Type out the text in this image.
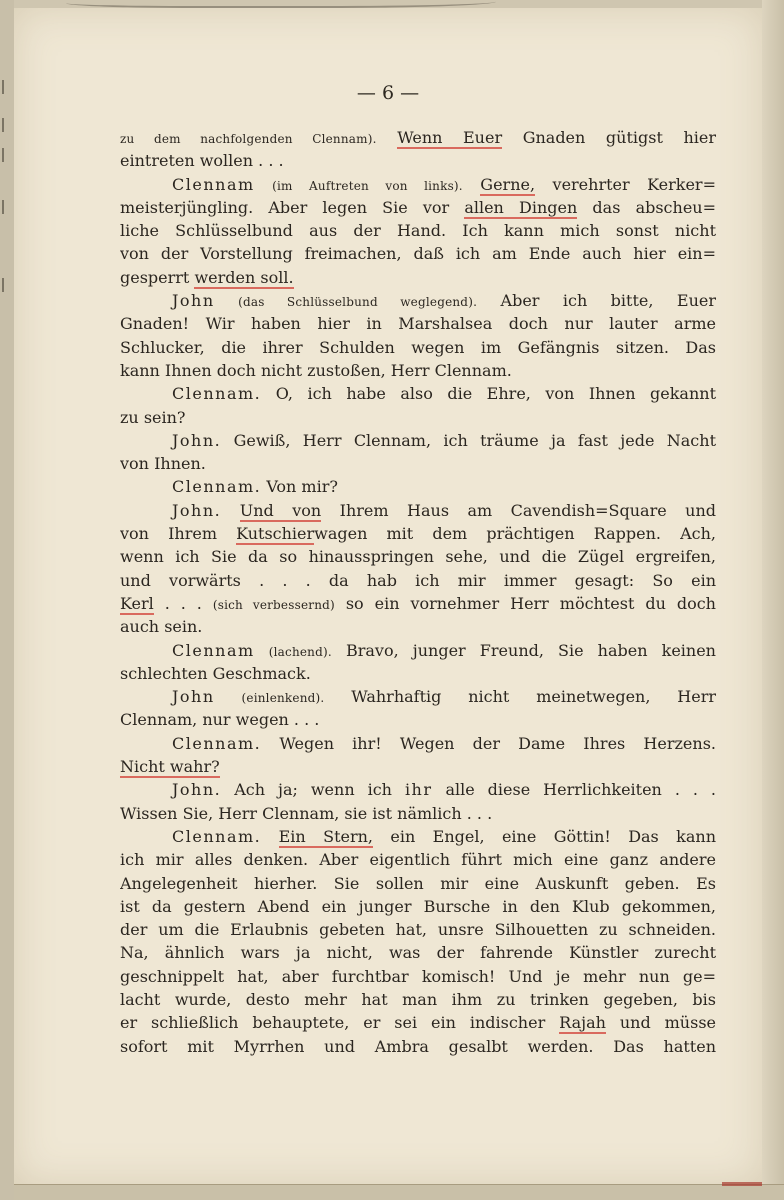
— 6 —
zu dem nachfolgenden Clennam). Wenn Euer Gnaden gütigst hier
eintreten wollen . . .
Clennam (im Auftreten von links). Gerne, verehrter Kerker=
meisterjüngling. Aber legen Sie vor allen Dingen das abscheu=
liche Schlüsselbund aus der Hand. Ich kann mich sonst nicht
von der Vorstellung freimachen, daß ich am Ende auch hier ein=
gesperrt werden soll.
John (das Schlüsselbund weglegend). Aber ich bitte, Euer
Gnaden! Wir haben hier in Marshalsea doch nur lauter arme
Schlucker, die ihrer Schulden wegen im Gefängnis sitzen. Das
kann Ihnen doch nicht zustoßen, Herr Clennam.
Clennam. O, ich habe also die Ehre, von Ihnen gekannt
zu sein?
John. Gewiß, Herr Clennam, ich träume ja fast jede Nacht
von Ihnen.
Clennam. Von mir?
John. Und von Ihrem Haus am Cavendish=Square und
von Ihrem Kutschierwagen mit dem prächtigen Rappen. Ach,
wenn ich Sie da so hinausspringen sehe, und die Zügel ergreifen,
und vorwärts . . . da hab ich mir immer gesagt: So ein
Kerl . . . (sich verbessernd) so ein vornehmer Herr möchtest du doch
auch sein.
Clennam (lachend). Bravo, junger Freund, Sie haben keinen
schlechten Geschmack.
John (einlenkend). Wahrhaftig nicht meinetwegen, Herr
Clennam, nur wegen . . .
Clennam. Wegen ihr! Wegen der Dame Ihres Herzens.
Nicht wahr?
John. Ach ja; wenn ich ihr alle diese Herrlichkeiten . . .
Wissen Sie, Herr Clennam, sie ist nämlich . . .
Clennam. Ein Stern, ein Engel, eine Göttin! Das kann
ich mir alles denken. Aber eigentlich führt mich eine ganz andere
Angelegenheit hierher. Sie sollen mir eine Auskunft geben. Es
ist da gestern Abend ein junger Bursche in den Klub gekommen,
der um die Erlaubnis gebeten hat, unsre Silhouetten zu schneiden.
Na, ähnlich wars ja nicht, was der fahrende Künstler zurecht
geschnippelt hat, aber furchtbar komisch! Und je mehr nun ge=
lacht wurde, desto mehr hat man ihm zu trinken gegeben, bis
er schließlich behauptete, er sei ein indischer Rajah und müsse
sofort mit Myrrhen und Ambra gesalbt werden. Das hatten
